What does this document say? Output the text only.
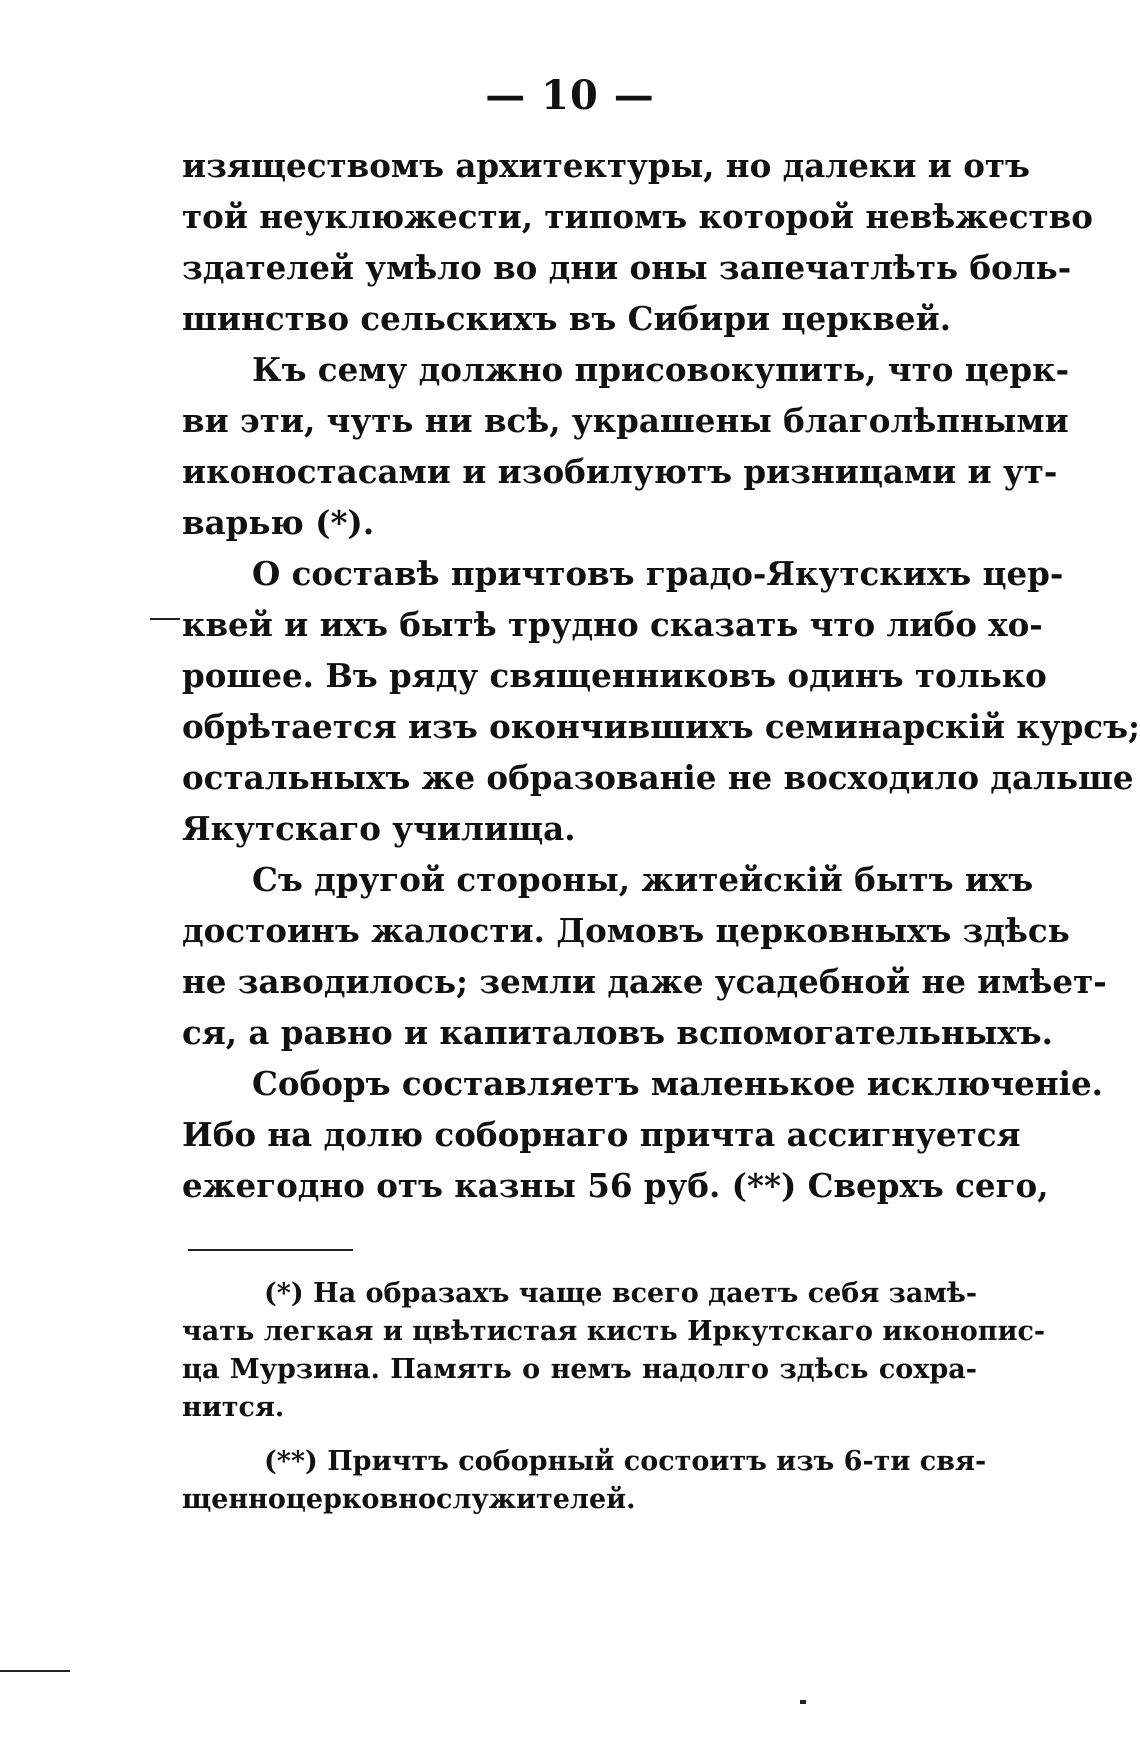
— 10 —
изяществомъ архитектуры, но далеки и отъ
той неуклюжести, типомъ которой невѣжество
здателей умѣло во дни оны запечатлѣть боль-
шинство сельскихъ въ Сибири церквей.
Къ сему должно присовокупить, что церк-
ви эти, чуть ни всѣ, украшены благолѣпными
иконостасами и изобилуютъ ризницами и ут-
варью (*).
О составѣ причтовъ градо-Якутскихъ цер-
квей и ихъ бытѣ трудно сказать что либо хо-
рошее. Въ ряду священниковъ одинъ только
обрѣтается изъ окончившихъ семинарскій курсъ;
остальныхъ же образованіе не восходило дальше
Якутскаго училища.
Съ другой стороны, житейскій бытъ ихъ
достоинъ жалости. Домовъ церковныхъ здѣсь
не заводилось; земли даже усадебной не имѣет-
ся, а равно и капиталовъ вспомогательныхъ.
Соборъ составляетъ маленькое исключеніе.
Ибо на долю соборнаго причта ассигнуется
ежегодно отъ казны 56 руб. (**) Сверхъ сего,
(*) На образахъ чаще всего даетъ себя замѣ-
чать легкая и цвѣтистая кисть Иркутскаго иконопис-
ца Мурзина. Память о немъ надолго здѣсь сохра-
нится.
(**) Причтъ соборный состоитъ изъ 6-ти свя-
щенноцерковнослужителей.
